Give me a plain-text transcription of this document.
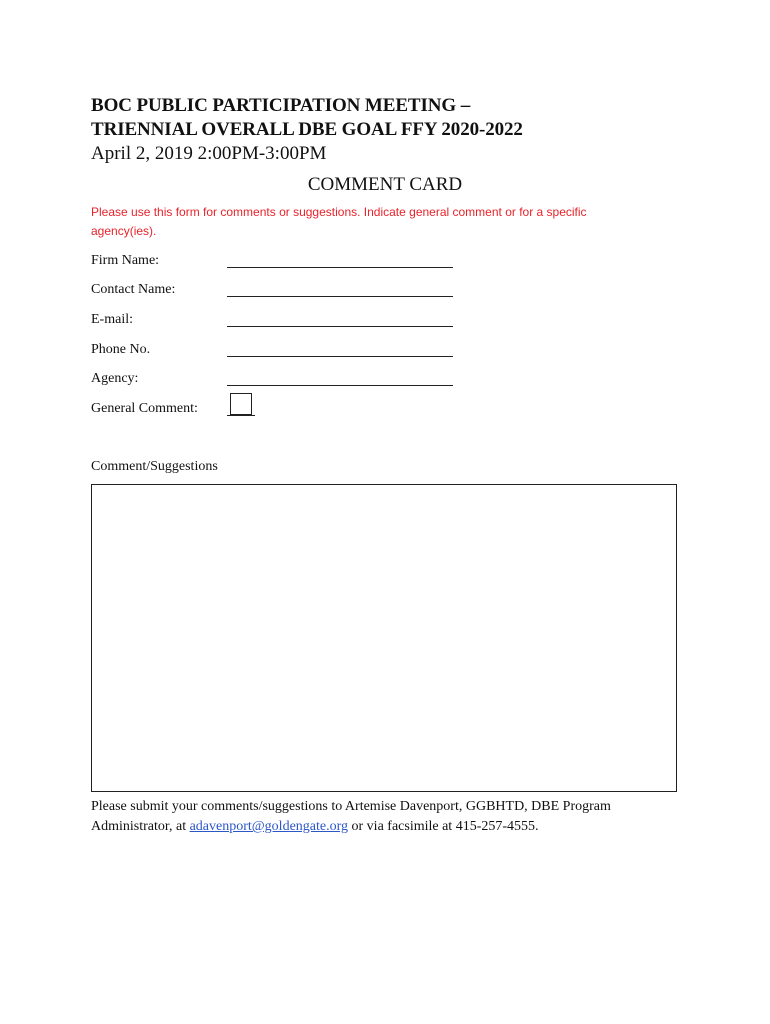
BOC PUBLIC PARTICIPATION MEETING –
TRIENNIAL OVERALL DBE GOAL FFY 2020-2022
April 2, 2019 2:00PM-3:00PM
COMMENT CARD
Please use this form for comments or suggestions. Indicate general comment or for a specific agency(ies).
Firm Name:
Contact Name:
E-mail:
Phone No.
Agency:
General Comment:
Comment/Suggestions
Please submit your comments/suggestions to Artemise Davenport, GGBHTD, DBE Program Administrator, at adavenport@goldengate.org or via facsimile at 415-257-4555.
